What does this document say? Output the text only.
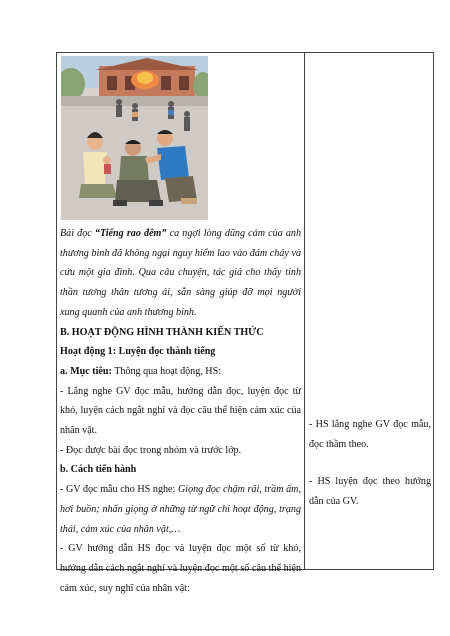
Bài đọc “Tiếng rao đêm” ca ngợi lòng dũng cảm của anh thương binh đã không ngại nguy hiểm lao vào đám cháy và cứu một gia đình. Qua câu chuyện, tác giả cho thấy tinh thần tương thân tương ái, sẵn sàng giúp đỡ mọi người xung quanh của anh thương binh.

B. HOẠT ĐỘNG HÌNH THÀNH KIẾN THỨC

Hoạt động 1: Luyện đọc thành tiếng

a. Mục tiêu: Thông qua hoạt động, HS:

- Lắng nghe GV đọc mẫu, hướng dẫn đọc, luyện đọc từ khó, luyện cách ngắt nghỉ và đọc câu thể hiện cảm xúc của nhân vật.

- Đọc được bài đọc trong nhóm và trước lớp.

b. Cách tiến hành

- GV đọc mẫu cho HS nghe: Giọng đọc chậm rãi, trầm ấm, hơi buồn; nhấn giọng ở những từ ngữ chỉ hoạt động, trạng thái, cảm xúc của nhân vật,…

- GV hướng dẫn HS đọc và luyện đọc một số từ khó, hướng dẫn cách ngắt nghỉ và luyện đọc một số câu thể hiện cảm xúc, suy nghĩ của nhân vật:

- HS lắng nghe GV đọc mẫu, đọc thầm theo.

- HS luyện đọc theo hướng dẫn của GV.
